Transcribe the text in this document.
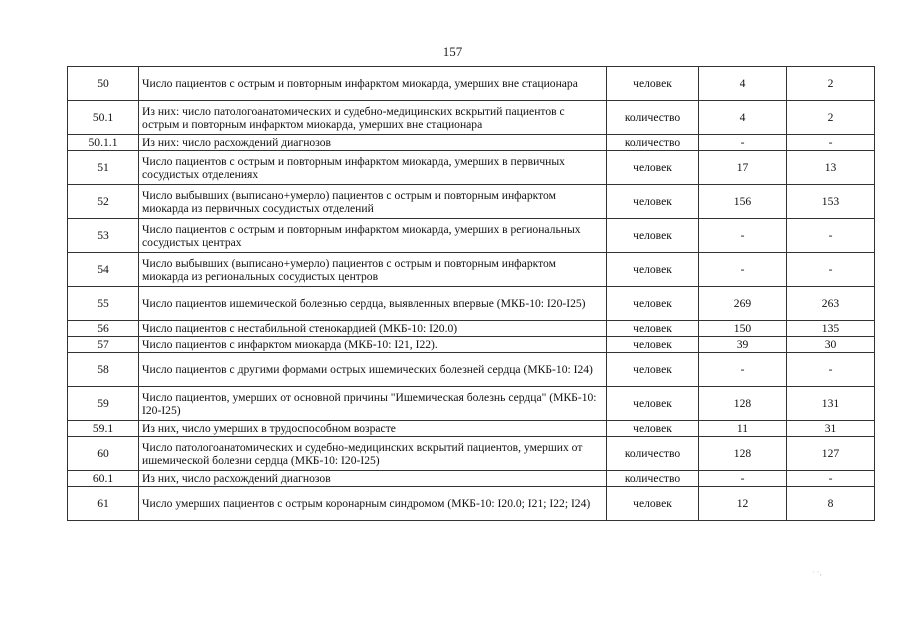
157
50	Число пациентов с острым и повторным инфарктом миокарда, умерших вне стационара	человек	4	2
50.1	Из них: число патологоанатомических и судебно-медицинских вскрытий пациентов с острым и повторным инфарктом миокарда, умерших вне стационара	количество	4	2
50.1.1	Из них: число расхождений диагнозов	количество	-	-
51	Число пациентов с острым и повторным инфарктом миокарда, умерших в первичных сосудистых отделениях	человек	17	13
52	Число выбывших (выписано+умерло) пациентов с острым и повторным инфарктом миокарда из первичных сосудистых отделений	человек	156	153
53	Число пациентов с острым и повторным инфарктом миокарда, умерших в региональных сосудистых центрах	человек	-	-
54	Число выбывших (выписано+умерло) пациентов с острым и повторным инфарктом миокарда из региональных сосудистых центров	человек	-	-
55	Число пациентов ишемической болезнью сердца, выявленных впервые (МКБ-10: I20-I25)	человек	269	263
56	Число пациентов с нестабильной стенокардией (МКБ-10: I20.0)	человек	150	135
57	Число пациентов с инфарктом миокарда (МКБ-10: I21, I22).	человек	39	30
58	Число пациентов с другими формами острых ишемических болезней сердца (МКБ-10: I24)	человек	-	-
59	Число пациентов, умерших от основной причины "Ишемическая болезнь сердца" (МКБ-10: I20-I25)	человек	128	131
59.1	Из них, число умерших в трудоспособном возрасте	человек	11	31
60	Число патологоанатомических и судебно-медицинских вскрытий пациентов, умерших от ишемической болезни сердца (МКБ-10: I20-I25)	количество	128	127
60.1	Из них, число расхождений диагнозов	количество	-	-
61	Число умерших пациентов с острым коронарным синдромом (МКБ-10: I20.0; I21; I22; I24)	человек	12	8
· ·‚
